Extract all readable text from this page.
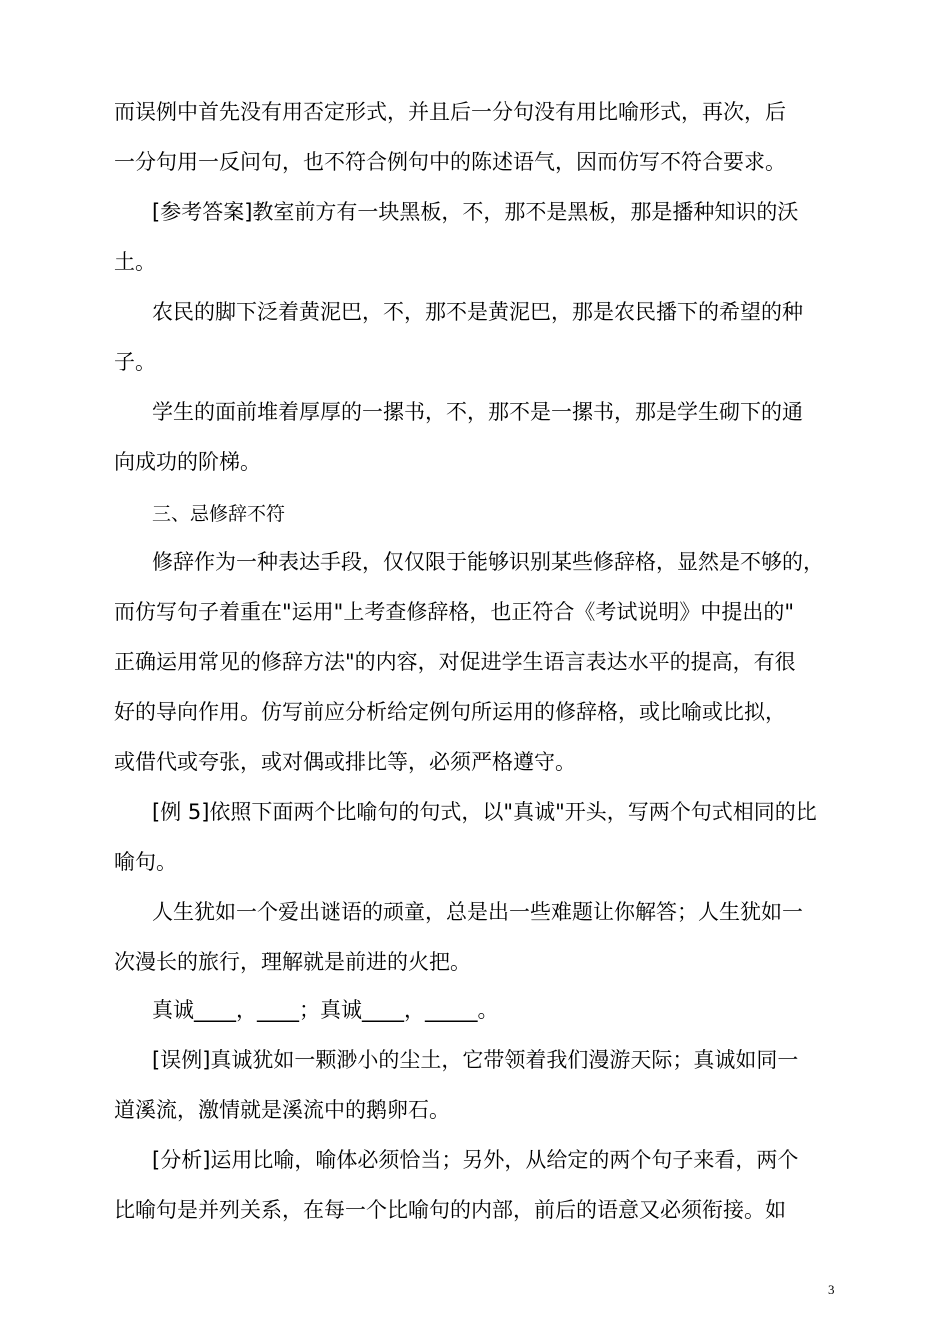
而误例中首先没有用否定形式，并且后一分句没有用比喻形式，再次，后
一分句用一反问句，也不符合例句中的陈述语气，因而仿写不符合要求。
[参考答案]教室前方有一块黑板，不，那不是黑板，那是播种知识的沃
土。
农民的脚下泛着黄泥巴，不，那不是黄泥巴，那是农民播下的希望的种
子。
学生的面前堆着厚厚的一摞书，不，那不是一摞书，那是学生砌下的通
向成功的阶梯。
三、忌修辞不符
修辞作为一种表达手段，仅仅限于能够识别某些修辞格，显然是不够的，
而仿写句子着重在"运用"上考查修辞格，也正符合《考试说明》中提出的"
正确运用常见的修辞方法"的内容，对促进学生语言表达水平的提高，有很
好的导向作用。仿写前应分析给定例句所运用的修辞格，或比喻或比拟，
或借代或夸张，或对偶或排比等，必须严格遵守。
[例 5]依照下面两个比喻句的句式，以"真诚"开头，写两个句式相同的比
喻句。
人生犹如一个爱出谜语的顽童，总是出一些难题让你解答；人生犹如一
次漫长的旅行，理解就是前进的火把。
真诚____，____；真诚____，_____。
[误例]真诚犹如一颗渺小的尘土，它带领着我们漫游天际；真诚如同一
道溪流，激情就是溪流中的鹅卵石。
[分析]运用比喻，喻体必须恰当；另外，从给定的两个句子来看，两个
比喻句是并列关系，在每一个比喻句的内部，前后的语意又必须衔接。如
3
